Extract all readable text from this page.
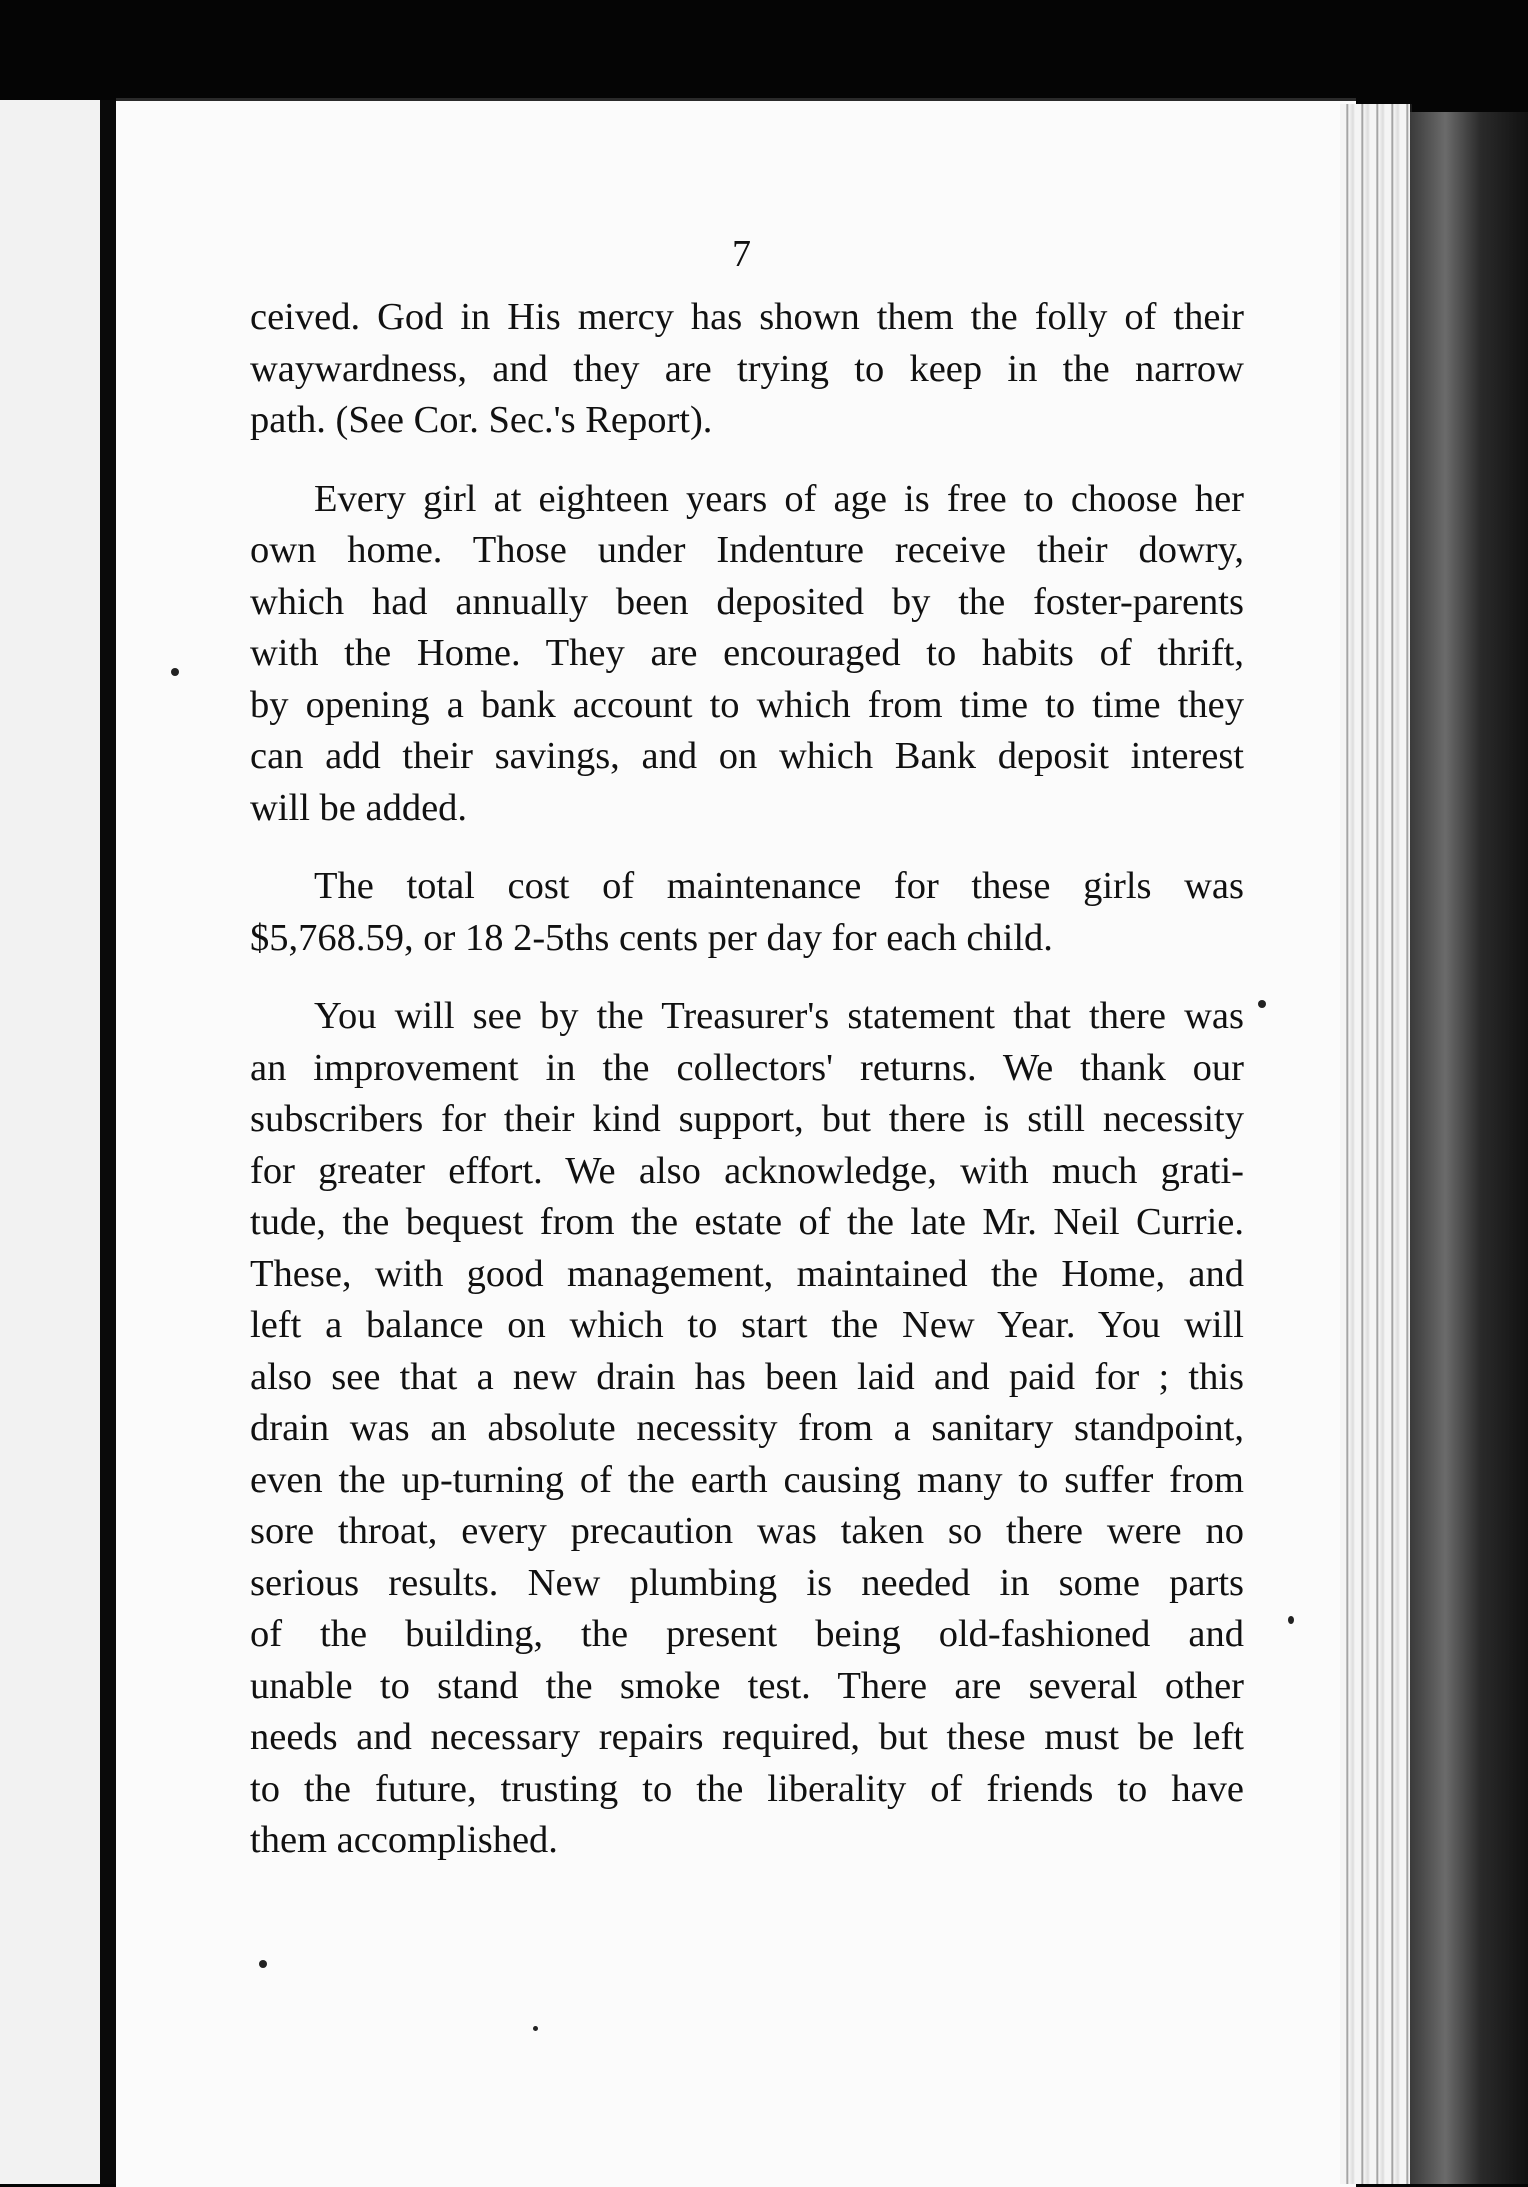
7
ceived. God in His mercy has shown them the folly of their
waywardness, and they are trying to keep in the narrow
path. (See Cor. Sec.'s Report).
Every girl at eighteen years of age is free to choose her
own home. Those under Indenture receive their dowry,
which had annually been deposited by the foster-parents
with the Home. They are encouraged to habits of thrift,
by opening a bank account to which from time to time they
can add their savings, and on which Bank deposit interest
will be added.
The total cost of maintenance for these girls was
$5,768.59, or 18 2-5ths cents per day for each child.
You will see by the Treasurer's statement that there was
an improvement in the collectors' returns. We thank our
subscribers for their kind support, but there is still necessity
for greater effort. We also acknowledge, with much grati-
tude, the bequest from the estate of the late Mr. Neil Currie.
These, with good management, maintained the Home, and
left a balance on which to start the New Year. You will
also see that a new drain has been laid and paid for ; this
drain was an absolute necessity from a sanitary standpoint,
even the up-turning of the earth causing many to suffer from
sore throat, every precaution was taken so there were no
serious results. New plumbing is needed in some parts
of the building, the present being old-fashioned and
unable to stand the smoke test. There are several other
needs and necessary repairs required, but these must be left
to the future, trusting to the liberality of friends to have
them accomplished.
